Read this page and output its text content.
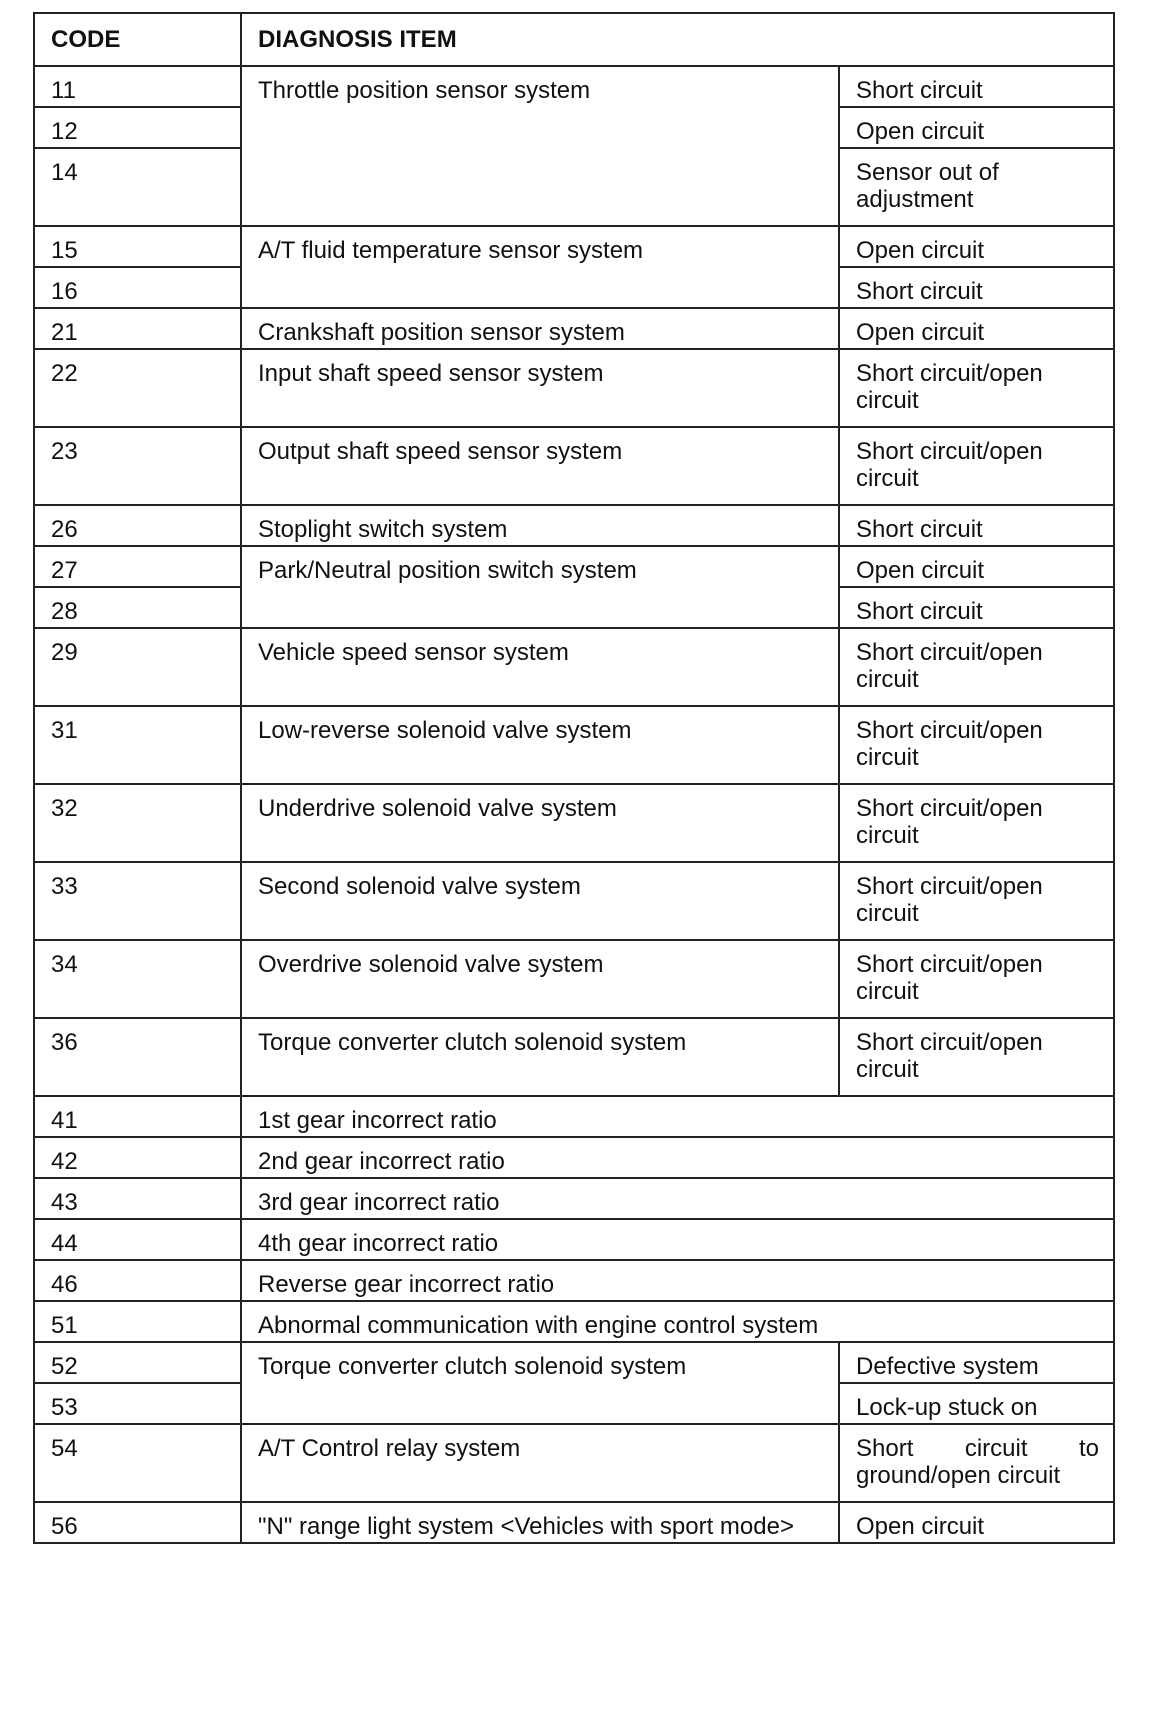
CODE	DIAGNOSIS ITEM	
11	Throttle position sensor system	Short circuit
12		Open circuit
14		Sensor out of adjustment
15	A/T fluid temperature sensor system	Open circuit
16		Short circuit
21	Crankshaft position sensor system	Open circuit
22	Input shaft speed sensor system	Short circuit/open circuit
23	Output shaft speed sensor system	Short circuit/open circuit
26	Stoplight switch system	Short circuit
27	Park/Neutral position switch system	Open circuit
28		Short circuit
29	Vehicle speed sensor system	Short circuit/open circuit
31	Low-reverse solenoid valve system	Short circuit/open circuit
32	Underdrive solenoid valve system	Short circuit/open circuit
33	Second solenoid valve system	Short circuit/open circuit
34	Overdrive solenoid valve system	Short circuit/open circuit
36	Torque converter clutch solenoid system	Short circuit/open circuit
41	1st gear incorrect ratio	
42	2nd gear incorrect ratio	
43	3rd gear incorrect ratio	
44	4th gear incorrect ratio	
46	Reverse gear incorrect ratio	
51	Abnormal communication with engine control system	
52	Torque converter clutch solenoid system	Defective system
53		Lock-up stuck on
54	A/T Control relay system	Short circuit to ground/open circuit
56	"N" range light system <Vehicles with sport mode>	Open circuit
